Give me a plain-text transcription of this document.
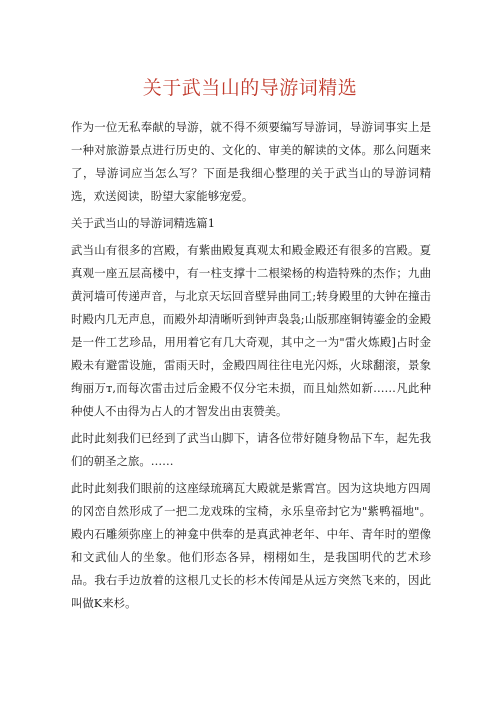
关于武当山的导游词精选

作为一位无私奉献的导游，就不得不须要编写导游词，导游词事实上是一种对旅游景点进行历史的、文化的、审美的解读的文体。那么问题来了，导游词应当怎么写？下面是我细心整理的关于武当山的导游词精选，欢送阅读，盼望大家能够宠爱。

关于武当山的导游词精选篇1

武当山有很多的宫殿，有紫曲殿复真观太和殿金殿还有很多的宫殿。夏真观一座五层高楼中，有一柱支撑十二根梁杨的构造特殊的杰作；九曲黄河墙可传递声音，与北京天坛回音壁异曲同工;转身殿里的大钟在撞击时殿内几无声息，而殿外却清晰听到钟声袅袅;山版那座铜铸鎏金的金殿是一件工艺珍品，用用着它有几大奇观，其中之一为"雷火炼殿]占时金殿未有避雷设施，雷雨天时，金殿四周往往电光闪烁，火球翻滚，景象绚丽万т,而每次雷击过后金殿不仅分宅未损，而且灿然如新……凡此种种使人不由得为占人的才智发出由衷赞美。

此时此刻我们已经到了武当山脚下，请各位带好随身物品下车，起先我们的朝圣之旅。……

此时此刻我们眼前的这座绿琉璃瓦大殿就是紫霄宫。因为这块地方四周的冈峦自然形成了一把二龙戏珠的宝椅，永乐皇帝封它为"紫鸭福地"。殿内石雕须弥座上的神龛中供奉的是真武神老年、中年、青年时的塑像和文武仙人的坐象。他们形态各异，栩栩如生，是我国明代的艺术珍品。我右手边放着的这根几丈长的杉木传闻是从远方突然飞来的，因此叫做K来杉。
